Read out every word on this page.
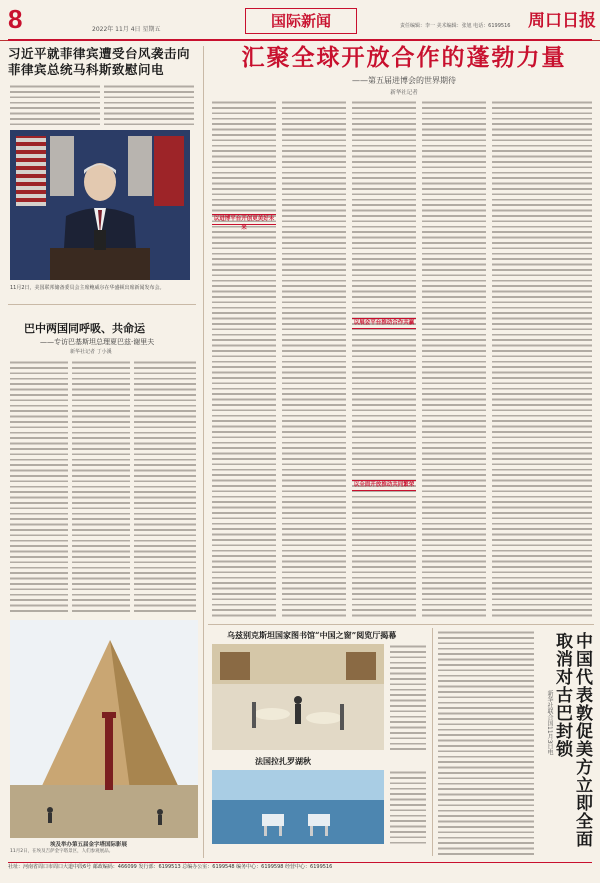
8	2022年 11月 4日 星期五	国际新闻	责任编辑：李一 美术编辑：张旭 电话：6199516 周口日报
习近平就菲律宾遭受台风袭击向菲律宾总统马科斯致慰问电
11月2日，美国联邦储备委员会主席鲍威尔在华盛顿出席新闻发布会。
巴中两国同呼吸、共命运
——专访巴基斯坦总理夏巴兹·谢里夫
新华社记者 丁小溪
埃及举办第五届金字塔国际影展
11月2日，在埃及吉萨金字塔景区，人们参观展品。
汇聚全球开放合作的蓬勃力量
——第五届进博会的世界期待
新华社记者
以进博平台开创更美好未来
以展会平台推动合作共赢
以全面开放推动共同繁荣
乌兹别克斯坦国家图书馆“中国之窗”阅览厅揭幕
法国拉扎罗湖秋
新华社联合国11月3日电	中国代表敦促美方立即全面取消对古巴封锁
社址：河南省周口市周口大道中段6号 邮政编码：466099 发行部：6199513 总编办公室：6199548 编务中心：6199598 经营中心：6199516
